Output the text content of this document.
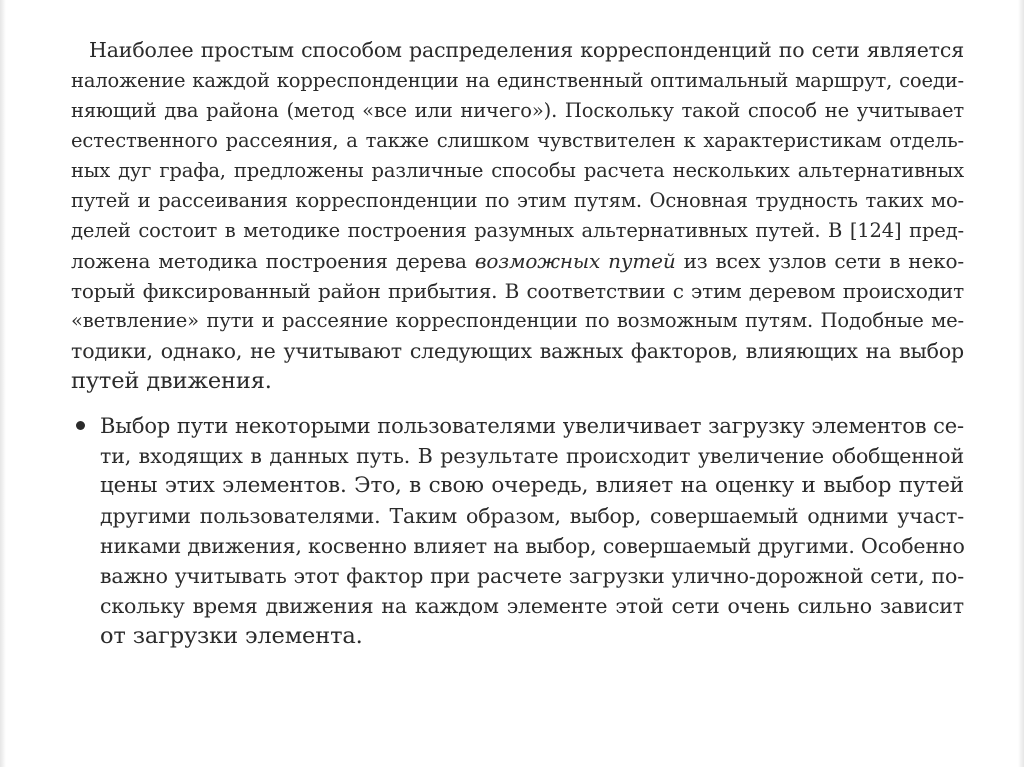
Наиболее простым способом распределения корреспонденций по сети является
наложение каждой корреспонденции на единственный оптимальный маршрут, соеди-
няющий два района (метод «все или ничего»). Поскольку такой способ не учитывает
естественного рассеяния, а также слишком чувствителен к характеристикам отдель-
ных дуг графа, предложены различные способы расчета нескольких альтернативных
путей и рассеивания корреспонденции по этим путям. Основная трудность таких мо-
делей состоит в методике построения разумных альтернативных путей. В [124] пред-
ложена методика построения дерева возможных путей из всех узлов сети в неко-
торый фиксированный район прибытия. В соответствии с этим деревом происходит
«ветвление» пути и рассеяние корреспонденции по возможным путям. Подобные ме-
тодики, однако, не учитывают следующих важных факторов, влияющих на выбор
путей движения.
Выбор пути некоторыми пользователями увеличивает загрузку элементов се-
ти, входящих в данных путь. В результате происходит увеличение обобщенной
цены этих элементов. Это, в свою очередь, влияет на оценку и выбор путей
другими пользователями. Таким образом, выбор, совершаемый одними участ-
никами движения, косвенно влияет на выбор, совершаемый другими. Особенно
важно учитывать этот фактор при расчете загрузки улично-дорожной сети, по-
скольку время движения на каждом элементе этой сети очень сильно зависит
от загрузки элемента.
